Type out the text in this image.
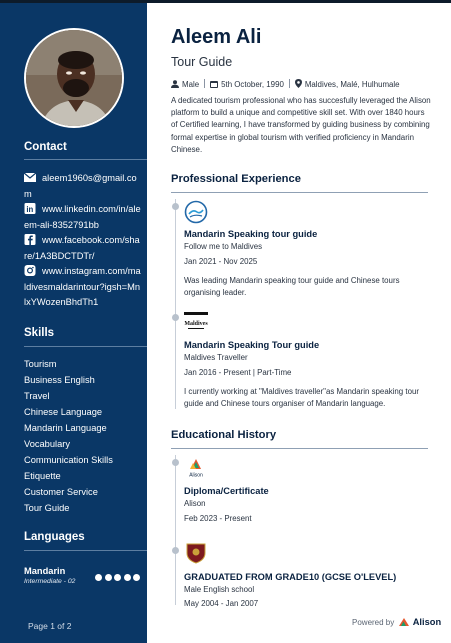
Contact
aleem1960s@gmail.com
in www.linkedin.com/in/aleem-ali-8352791bb
www.facebook.com/share/1A3BDCTDTr/
www.instagram.com/maldivesmaldarintour?igsh=MnlxYWozenBhdTh1
Skills
Tourism
Business English
Travel
Chinese Language
Mandarin Language
Vocabulary
Communication Skills
Etiquette
Customer Service
Tour Guide
Languages
Mandarin
Intermediate - 02
Page 1 of 2
Aleem Ali
Tour Guide
Male	5th October, 1990	Maldives, Malé, Hulhumale
A dedicated tourism professional who has succesfully leveraged the Alison platform to build a unique and competitive skill set. With over 1840 hours of Certified learning, I have transformed by guiding business by combining formal expertise in global tourism with verified proficiency in Mandarin Chinese.
Professional Experience
Mandarin Speaking tour guide
Follow me to Maldives
Jan 2021 - Nov 2025
Was leading Mandarin speaking tour guide and Chinese tours organising leader.
Maldives
Mandarin Speaking Tour guide
Maldives Traveller
Jan 2016 - Present | Part-Time
I currently working at "Maldives traveller"as Mandarin speaking tour guide and Chinese tours organiser of Mandarin language.
Educational History
Alison
Diploma/Certificate
Alison
Feb 2023 - Present
GRADUATED FROM GRADE10 (GCSE O'LEVEL)
Male English school
May 2004 - Jan 2007
Powered by Alison
